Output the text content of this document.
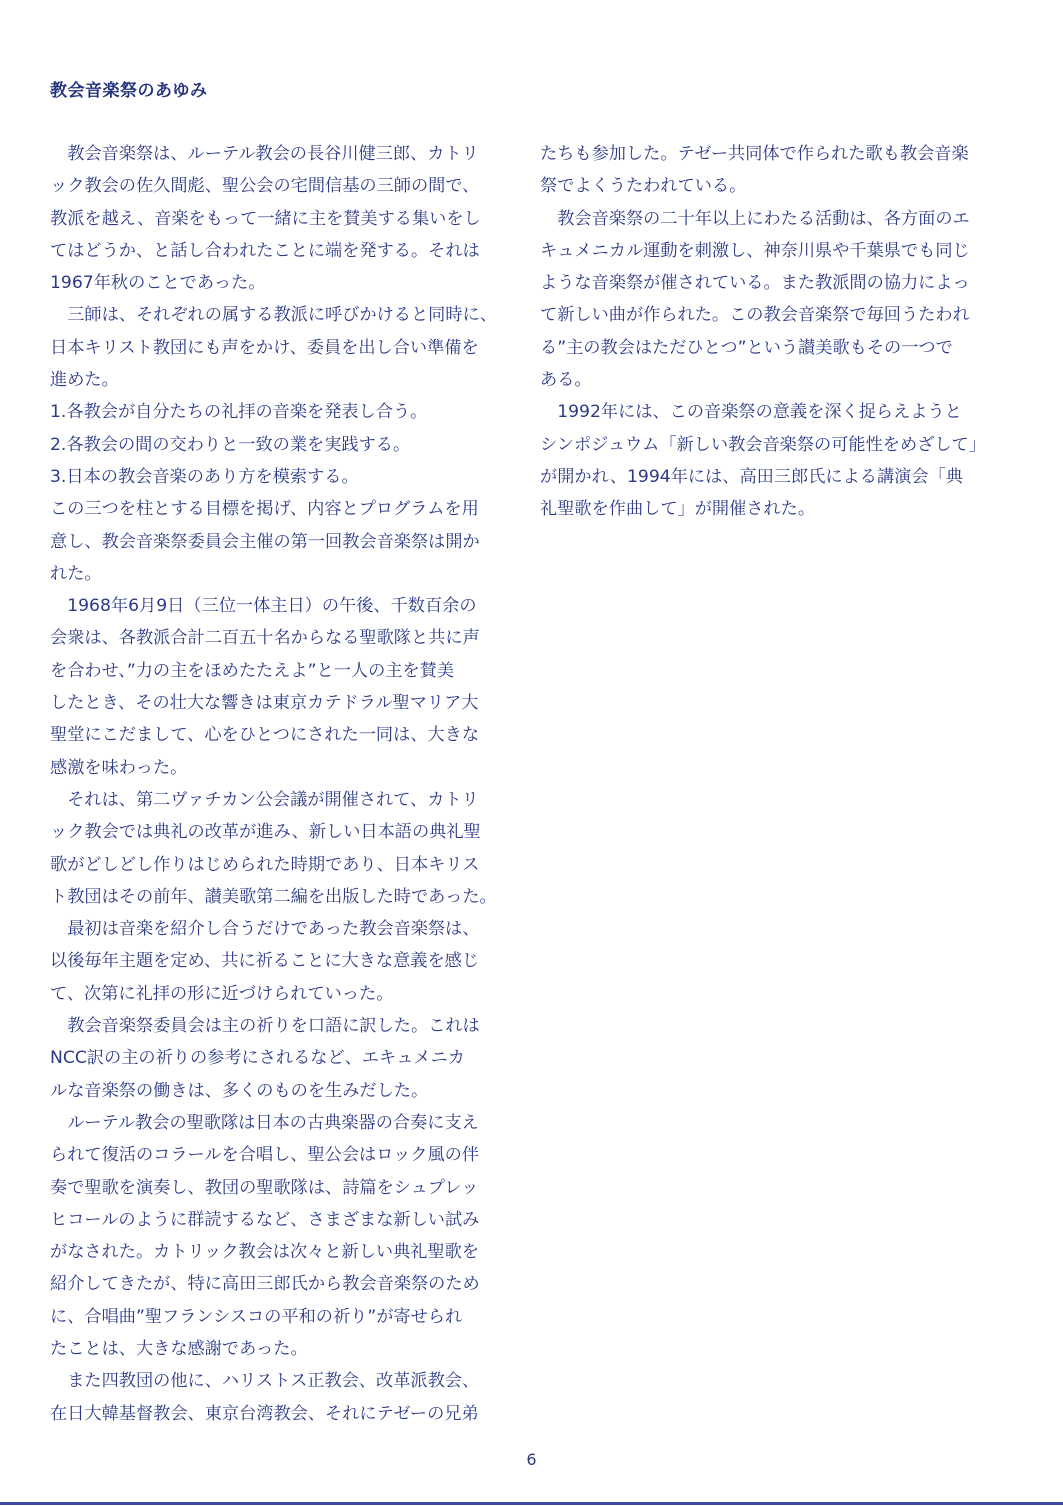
教会音楽祭のあゆみ
　教会音楽祭は、ルーテル教会の長谷川健三郎、カトリ
ック教会の佐久間彪、聖公会の宅間信基の三師の間で、
教派を越え、音楽をもって一緒に主を賛美する集いをし
てはどうか、と話し合われたことに端を発する。それは
1967年秋のことであった。
　三師は、それぞれの属する教派に呼びかけると同時に、
日本キリスト教団にも声をかけ、委員を出し合い準備を
進めた。
1.各教会が自分たちの礼拝の音楽を発表し合う。
2.各教会の間の交わりと一致の業を実践する。
3.日本の教会音楽のあり方を模索する。
この三つを柱とする目標を掲げ、内容とプログラムを用
意し、教会音楽祭委員会主催の第一回教会音楽祭は開か
れた。
　1968年6月9日（三位一体主日）の午後、千数百余の
会衆は、各教派合計二百五十名からなる聖歌隊と共に声
を合わせ、”力の主をほめたたえよ”と一人の主を賛美
したとき、その壮大な響きは東京カテドラル聖マリア大
聖堂にこだまして、心をひとつにされた一同は、大きな
感激を味わった。
　それは、第二ヴァチカン公会議が開催されて、カトリ
ック教会では典礼の改革が進み、新しい日本語の典礼聖
歌がどしどし作りはじめられた時期であり、日本キリス
ト教団はその前年、讃美歌第二編を出版した時であった。
　最初は音楽を紹介し合うだけであった教会音楽祭は、
以後毎年主題を定め、共に祈ることに大きな意義を感じ
て、次第に礼拝の形に近づけられていった。
　教会音楽祭委員会は主の祈りを口語に訳した。これは
NCC訳の主の祈りの参考にされるなど、エキュメニカ
ルな音楽祭の働きは、多くのものを生みだした。
　ルーテル教会の聖歌隊は日本の古典楽器の合奏に支え
られて復活のコラールを合唱し、聖公会はロック風の伴
奏で聖歌を演奏し、教団の聖歌隊は、詩篇をシュプレッ
ヒコールのように群読するなど、さまざまな新しい試み
がなされた。カトリック教会は次々と新しい典礼聖歌を
紹介してきたが、特に高田三郎氏から教会音楽祭のため
に、合唱曲”聖フランシスコの平和の祈り”が寄せられ
たことは、大きな感謝であった。
　また四教団の他に、ハリストス正教会、改革派教会、
在日大韓基督教会、東京台湾教会、それにテゼーの兄弟
たちも参加した。テゼー共同体で作られた歌も教会音楽
祭でよくうたわれている。
　教会音楽祭の二十年以上にわたる活動は、各方面のエ
キュメニカル運動を刺激し、神奈川県や千葉県でも同じ
ような音楽祭が催されている。また教派間の協力によっ
て新しい曲が作られた。この教会音楽祭で毎回うたわれ
る”主の教会はただひとつ”という讃美歌もその一つで
ある。
　1992年には、この音楽祭の意義を深く捉らえようと
シンポジュウム「新しい教会音楽祭の可能性をめざして」
が開かれ、1994年には、高田三郎氏による講演会「典
礼聖歌を作曲して」が開催された。
6
